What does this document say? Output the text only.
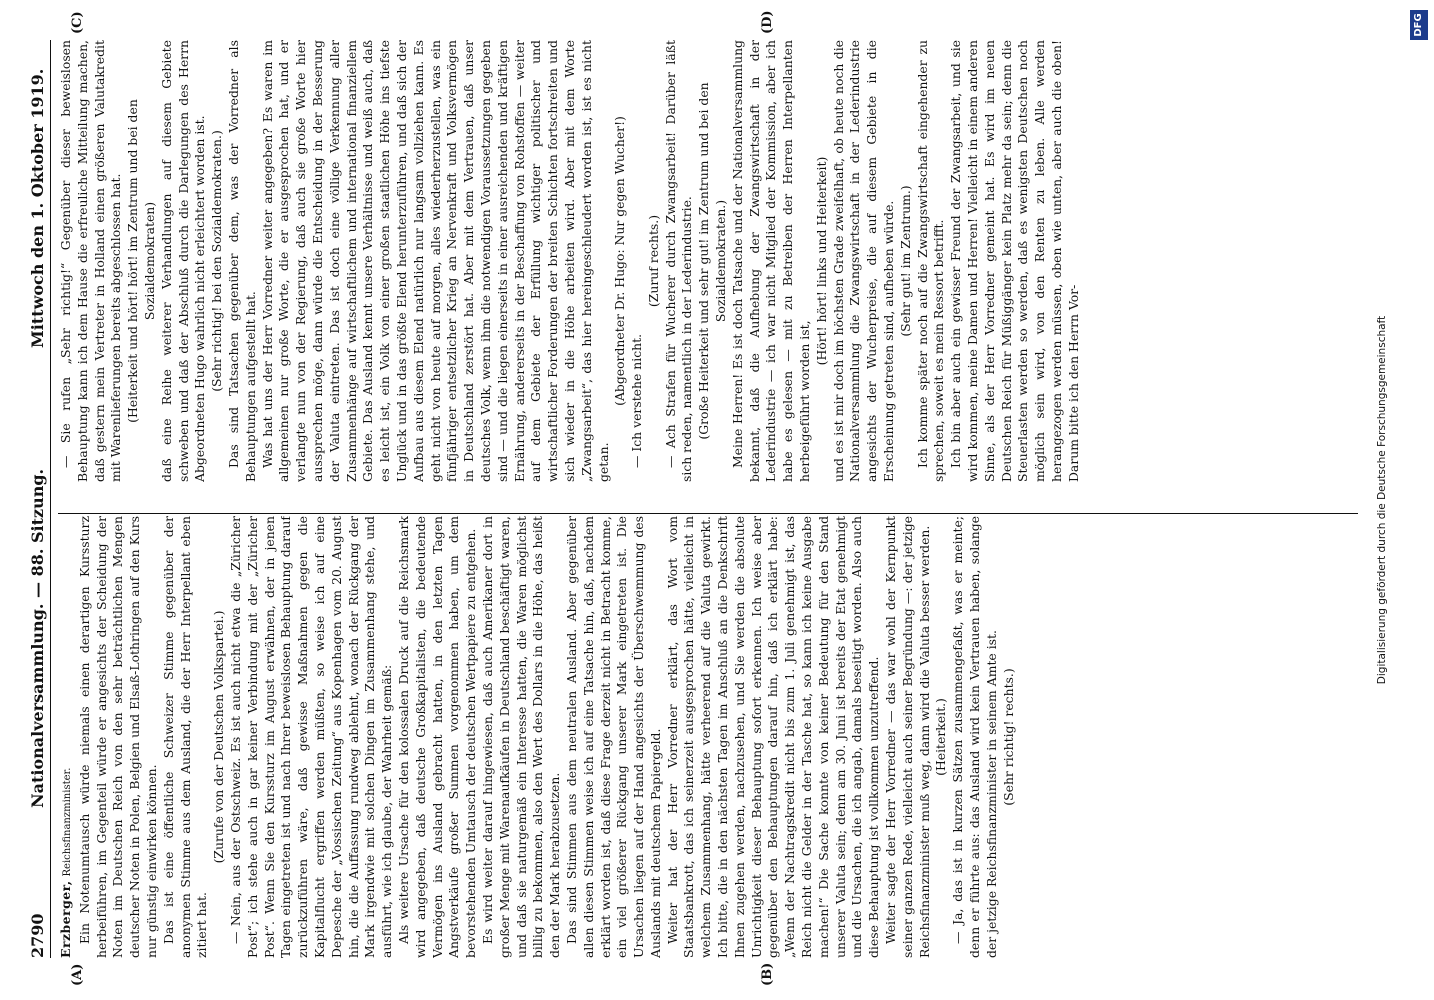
2790
Nationalversammlung. — 88. Sitzung.
Mittwoch den 1. Oktober 1919.
(A)	(B)
(C)	(D)

Erzberger, Reichsfinanzminister. Ein Notenumtausch würde niemals einen derartigen Kurssturz herbeiführen, im Gegenteil würde er angesichts der Scheidung der Noten im Deutschen Reich von den sehr beträchtlichen Mengen deutscher Noten in Polen, Belgien und Elsaß-Lothringen auf den Kurs nur günstig einwirken können. Das ist eine öffentliche Schweizer Stimme gegenüber der anonymen Stimme aus dem Ausland, die der Herr Interpellant eben zitiert hat.

(Zurufe von der Deutschen Volkspartei.) — Nein, aus der Ostschweiz. Es ist auch nicht etwa die „Züricher Post“; ich stehe auch in gar keiner Verbindung mit der „Züricher Post“. Wenn Sie den Kurssturz im August erwähnen, der in jenen Tagen eingetreten ist und nach Ihrer beweislosen Behauptung darauf zurückzuführen wäre, daß gewisse Maßnahmen gegen die Kapitalflucht ergriffen werden müßten, so weise ich auf eine Depesche der „Vossischen Zeitung“ aus Kopenhagen vom 20. August hin, die die Auffassung rundweg ablehnt, wonach der Rückgang der Mark irgendwie mit solchen Dingen im Zusammenhang stehe, und ausführt, wie ich glaube, der Wahrheit gemäß: Als weitere Ursache für den kolossalen Druck auf die Reichsmark wird angegeben, daß deutsche Großkapitalisten, die bedeutende Vermögen ins Ausland gebracht hatten, in den letzten Tagen Angstverkäufe großer Summen vorgenommen haben, um dem bevorstehenden Umtausch der deutschen Wertpapiere zu entgehen. Es wird weiter darauf hingewiesen, daß auch Amerikaner dort in großer Menge mit Warenaufkäufen in Deutschland beschäftigt waren, und daß sie naturgemäß ein Interesse hatten, die Waren möglichst billig zu bekommen, also den Wert des Dollars in die Höhe, das heißt den der Mark herabzusetzen. Das sind Stimmen aus dem neutralen Ausland. Aber gegenüber allen diesen Stimmen weise ich auf eine Tatsache hin, daß, nachdem erklärt worden ist, daß diese Frage derzeit nicht in Betracht komme, ein viel größerer Rückgang unserer Mark eingetreten ist. Die Ursachen liegen auf der Hand angesichts der Überschwemmung des Auslands mit deutschem Papiergeld. Weiter hat der Herr Vorredner erklärt, das Wort vom Staatsbankrott, das ich seinerzeit ausgesprochen hätte, vielleicht in welchem Zusammenhang, hätte verheerend auf die Valuta gewirkt. Ich bitte, die in den nächsten Tagen im Anschluß an die Denkschrift Ihnen zugehen werden, nachzusehen, und Sie werden die absolute Unrichtigkeit dieser Behauptung sofort erkennen. Ich weise aber gegenüber den Behauptungen darauf hin, daß ich erklärt habe: „Wenn der Nachtragskredit nicht bis zum 1. Juli genehmigt ist, das Reich nicht die Gelder in der Tasche hat, so kann ich keine Ausgabe machen!“ Die Sache konnte von keiner Bedeutung für den Stand unserer Valuta sein; denn am 30. Juni ist bereits der Etat genehmigt und die Ursachen, die ich angab, damals beseitigt worden. Also auch diese Behauptung ist vollkommen unzutreffend. Weiter sagte der Herr Vorredner — das war wohl der Kernpunkt seiner ganzen Rede, vielleicht auch seiner Begründung —: der jetzige Reichsfinanzminister muß weg, dann wird die Valuta besser werden. (Heiterkeit.) — Ja, das ist in kurzen Sätzen zusammengefaßt, was er meinte; denn er führte aus: das Ausland wird kein Vertrauen haben, solange der jetzige Reichsfinanzminister in seinem Amte ist. (Sehr richtig! rechts.)

— Sie rufen „Sehr richtig!“ Gegenüber dieser beweislosen Behauptung kann ich dem Hause die erfreuliche Mitteilung machen, daß gestern mein Vertreter in Holland einen größeren Valutakredit mit Warenlieferungen bereits abgeschlossen hat. (Heiterkeit und hört! hört! im Zentrum und bei den Sozialdemokraten) daß eine Reihe weiterer Verhandlungen auf diesem Gebiete schweben und daß der Abschluß durch die Darlegungen des Herrn Abgeordneten Hugo wahrlich nicht erleichtert worden ist. (Sehr richtig! bei den Sozialdemokraten.) Das sind Tatsachen gegenüber dem, was der Vorredner als Behauptungen aufgestellt hat. Was hat uns der Herr Vorredner weiter angegeben? Es waren im allgemeinen nur große Worte, die er ausgesprochen hat, und er verlangte nun von der Regierung, daß auch sie große Worte hier aussprechen möge, dann würde die Entscheidung in der Besserung der Valuta eintreten. Das ist doch eine völlige Verkennung aller Zusammenhänge auf wirtschaftlichem und international finanziellem Gebiete. Das Ausland kennt unsere Verhältnisse und weiß auch, daß es leicht ist, ein Volk von einer großen staatlichen Höhe ins tiefste Unglück und in das größte Elend herunterzuführen, und daß sich der Aufbau aus diesem Elend natürlich nur langsam vollziehen kann. Es geht nicht von heute auf morgen, alles wiederherzustellen, was ein fünfjähriger entsetzlicher Krieg an Nervenkraft und Volksvermögen in Deutschland zerstört hat. Aber mit dem Vertrauen, daß unser deutsches Volk, wenn ihm die notwendigen Voraussetzungen gegeben sind — und die liegen einerseits in einer ausreichenden und kräftigen Ernährung, andererseits in der Beschaffung von Rohstoffen — weiter auf dem Gebiete der Erfüllung wichtiger politischer und wirtschaftlicher Forderungen der breiten Schichten fortschreiten und sich wieder in die Höhe arbeiten wird. Aber mit dem Worte „Zwangsarbeit“, das hier hereingeschleudert worden ist, ist es nicht getan.

(Abgeordneter Dr. Hugo: Nur gegen Wucher!) — Ich verstehe nicht.

(Zuruf rechts.) — Ach Strafen für Wucherer durch Zwangsarbeit! Darüber läßt sich reden, namentlich in der Lederindustrie. (Große Heiterkeit und sehr gut! im Zentrum und bei den Sozialdemokraten.) Meine Herren! Es ist doch Tatsache und der Nationalversammlung bekannt, daß die Aufhebung der Zwangswirtschaft in der Lederindustrie — ich war nicht Mitglied der Kommission, aber ich habe es gelesen — mit zu Betreiben der Herren Interpellanten herbeigeführt worden ist,

(Hört! hört! links und Heiterkeit) und es ist mir doch im höchsten Grade zweifelhaft, ob heute noch die Nationalversammlung die Zwangswirtschaft in der Lederindustrie angesichts der Wucherpreise, die auf diesem Gebiete in die Erscheinung getreten sind, aufheben würde. (Sehr gut! im Zentrum.) Ich komme später noch auf die Zwangswirtschaft eingehender zu sprechen, soweit es mein Ressort betrifft. Ich bin aber auch ein gewisser Freund der Zwangsarbeit, und sie wird kommen, meine Damen und Herren! Vielleicht in einem anderen Sinne, als der Herr Vorredner gemeint hat. Es wird im neuen Deutschen Reich für Müßiggänger kein Platz mehr da sein; denn die Steuerlasten werden so werden, daß es wenigsten Deutschen noch möglich sein wird, von den Renten zu leben. Alle werden herangezogen werden müssen, oben wie unten, aber auch die oben! Darum bitte ich den Herrn Vor-	Digitalisierung gefördert durch die Deutsche Forschungsgemeinschaft
DFG
